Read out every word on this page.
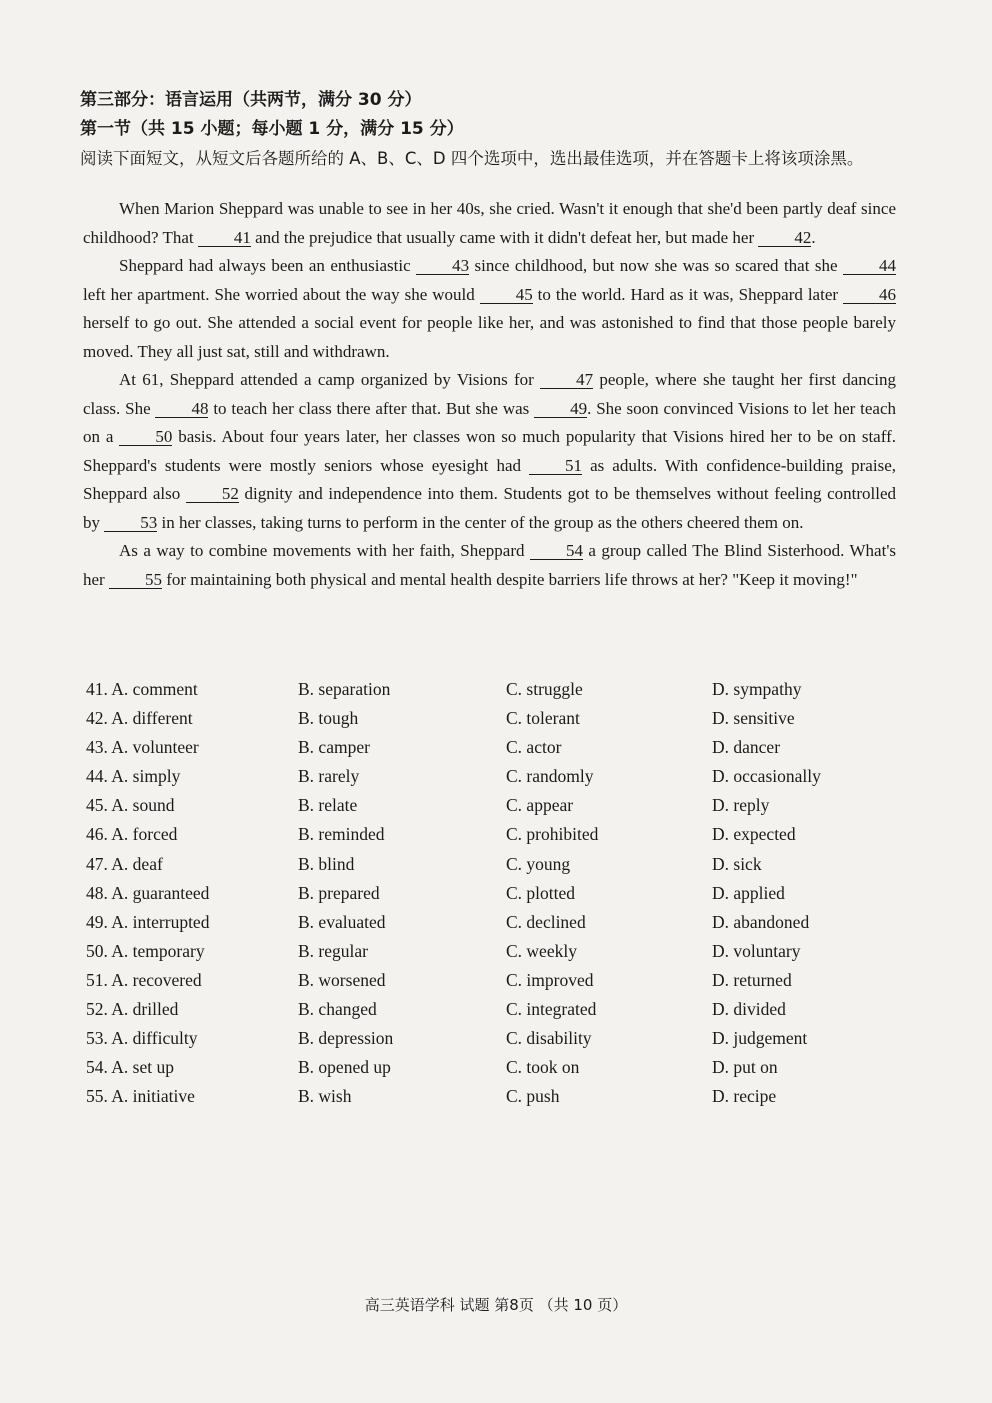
第三部分：语言运用（共两节，满分 30 分）
第一节（共 15 小题；每小题 1 分，满分 15 分）
阅读下面短文，从短文后各题所给的 A、B、C、D 四个选项中，选出最佳选项，并在答题卡上将该项涂黑。

When Marion Sheppard was unable to see in her 40s, she cried. Wasn't it enough that she'd been partly deaf since childhood? That 41 and the prejudice that usually came with it didn't defeat her, but made her 42.

Sheppard had always been an enthusiastic 43 since childhood, but now she was so scared that she 44 left her apartment. She worried about the way she would 45 to the world. Hard as it was, Sheppard later 46 herself to go out. She attended a social event for people like her, and was astonished to find that those people barely moved. They all just sat, still and withdrawn.

At 61, Sheppard attended a camp organized by Visions for 47 people, where she taught her first dancing class. She 48 to teach her class there after that. But she was 49. She soon convinced Visions to let her teach on a 50 basis. About four years later, her classes won so much popularity that Visions hired her to be on staff. Sheppard's students were mostly seniors whose eyesight had 51 as adults. With confidence-building praise, Sheppard also 52 dignity and independence into them. Students got to be themselves without feeling controlled by 53 in her classes, taking turns to perform in the center of the group as the others cheered them on.

As a way to combine movements with her faith, Sheppard 54 a group called The Blind Sisterhood. What's her 55 for maintaining both physical and mental health despite barriers life throws at her? "Keep it moving!"

41. A. comment	B. separation	C. struggle	D. sympathy
42. A. different	B. tough	C. tolerant	D. sensitive
43. A. volunteer	B. camper	C. actor	D. dancer
44. A. simply	B. rarely	C. randomly	D. occasionally
45. A. sound	B. relate	C. appear	D. reply
46. A. forced	B. reminded	C. prohibited	D. expected
47. A. deaf	B. blind	C. young	D. sick
48. A. guaranteed	B. prepared	C. plotted	D. applied
49. A. interrupted	B. evaluated	C. declined	D. abandoned
50. A. temporary	B. regular	C. weekly	D. voluntary
51. A. recovered	B. worsened	C. improved	D. returned
52. A. drilled	B. changed	C. integrated	D. divided
53. A. difficulty	B. depression	C. disability	D. judgement
54. A. set up	B. opened up	C. took on	D. put on
55. A. initiative	B. wish	C. push	D. recipe
高三英语学科 试题 第8页 （共 10 页）
